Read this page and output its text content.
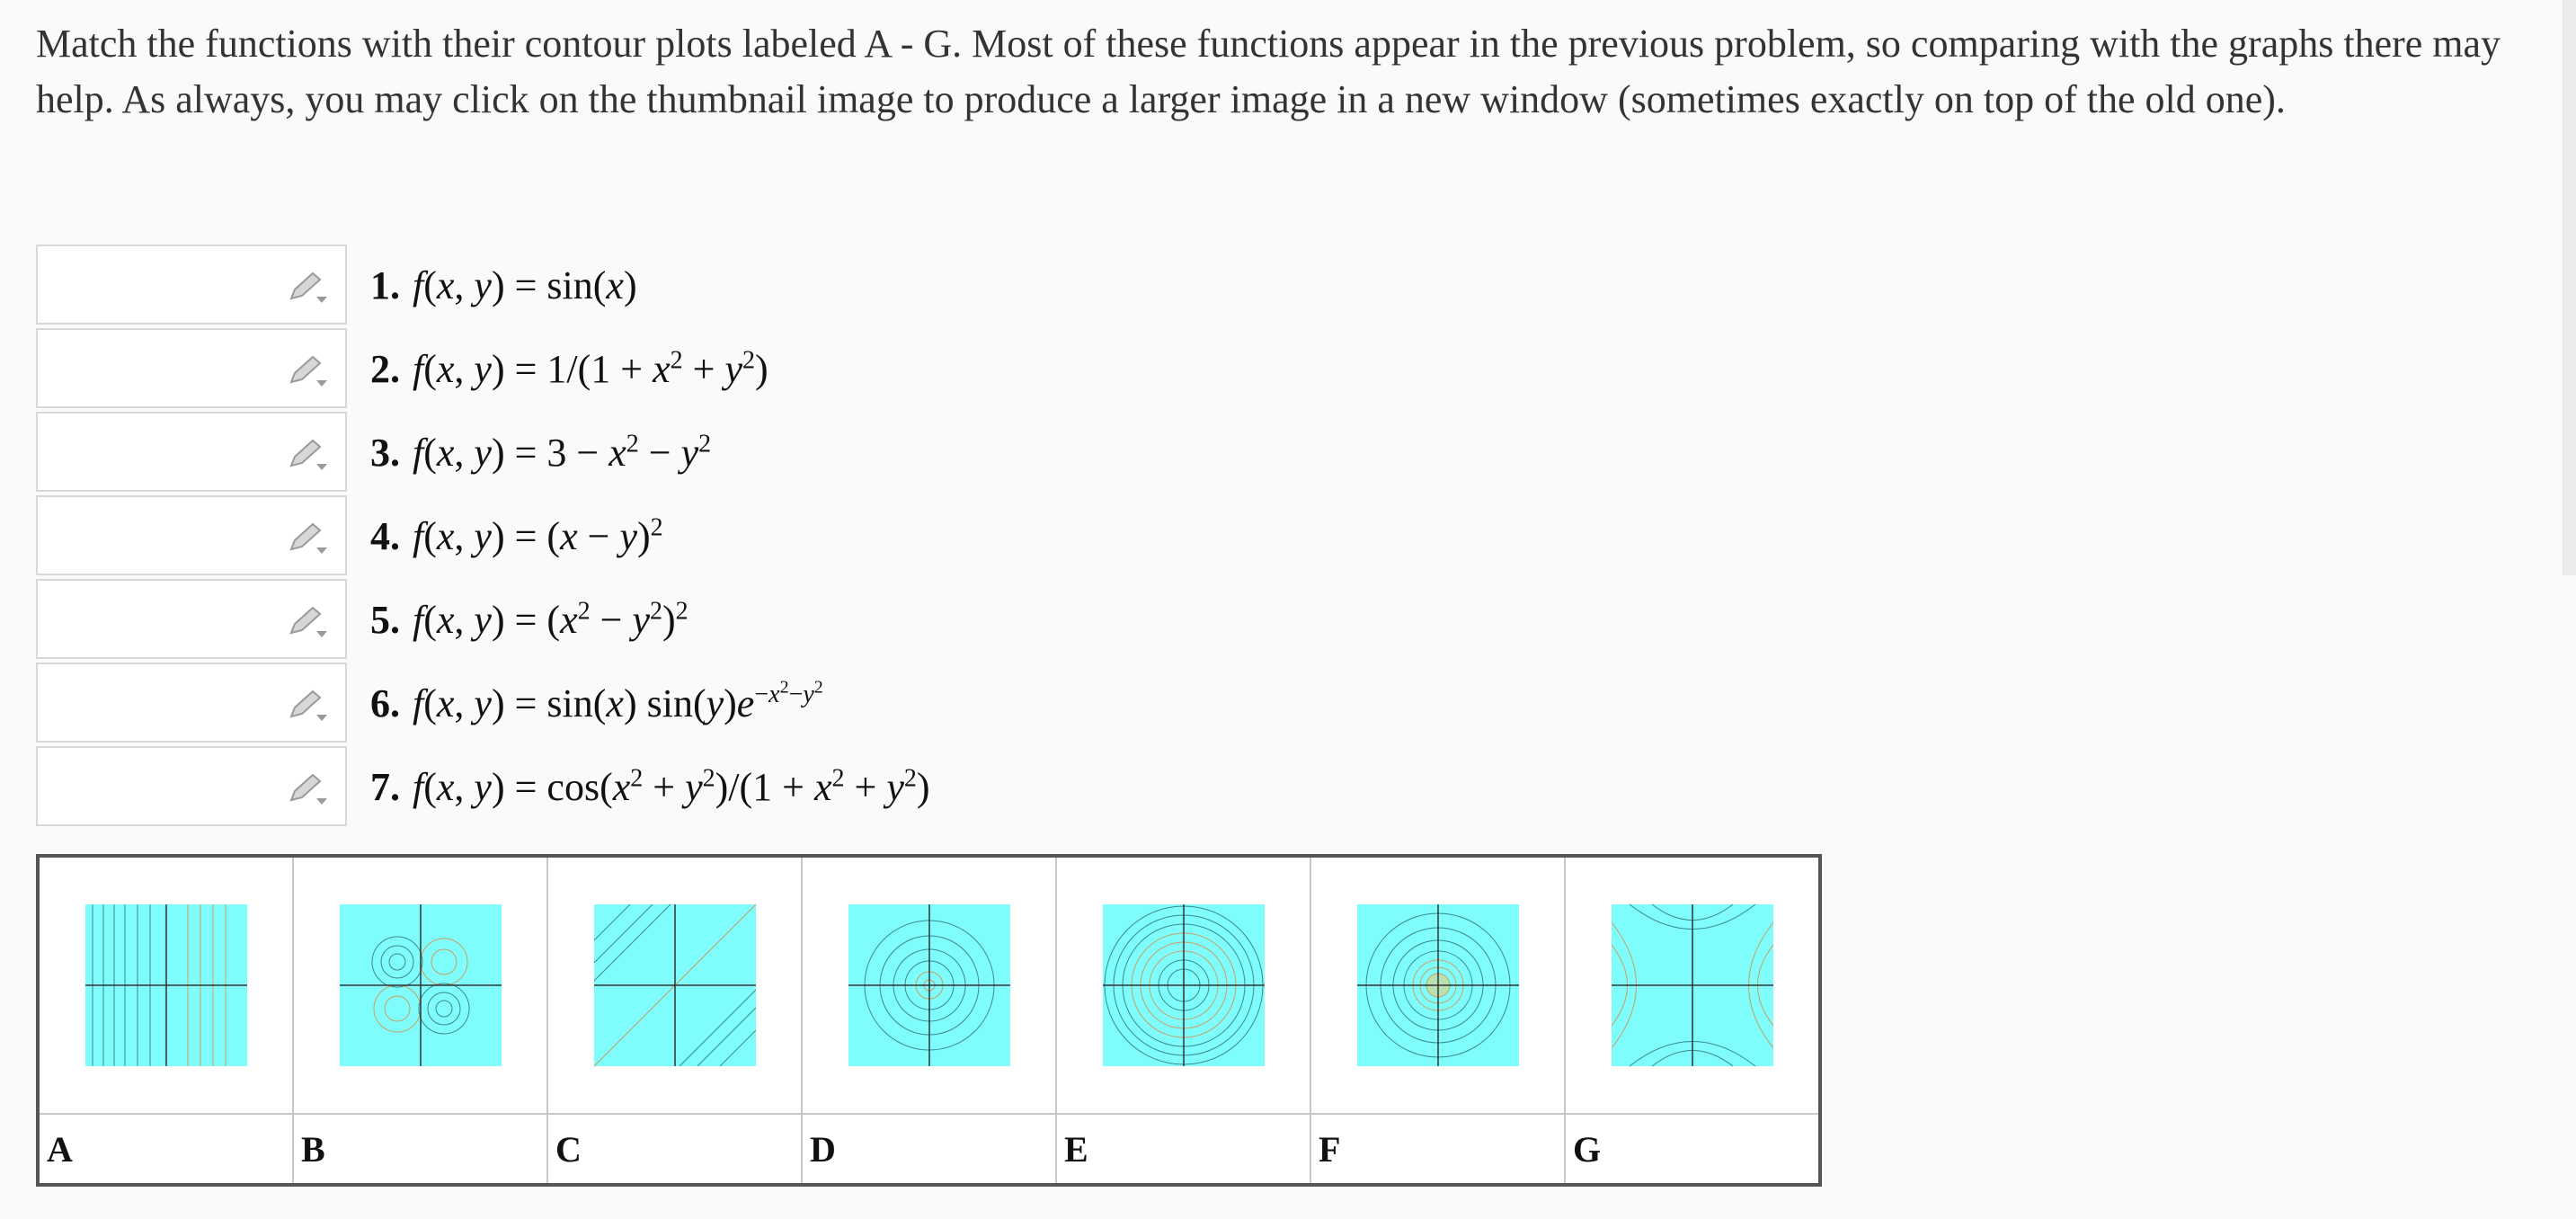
Match the functions with their contour plots labeled A - G. Most of these functions appear in the previous problem, so comparing with the graphs there may help. As always, you may click on the thumbnail image to produce a larger image in a new window (sometimes exactly on top of the old one).
1. f(x, y) = sin(x)
2. f(x, $y) = 1/(1 + x^2 + y^2)$
3. f(x, $y) = 3 - x^2 - y^2$
4. f(x, $y) = (x - y)^2$
5. f(x, $y) = (x^2 - y^2)^2$
6. f(x, y) = sin(x) $\sin(y)e^{-x^2-y^2}$
7. f(x, $y) = \cos(x^2 + y^2)/(1 + x^2 + y^2)$

A	B	C	D	E	F	G
